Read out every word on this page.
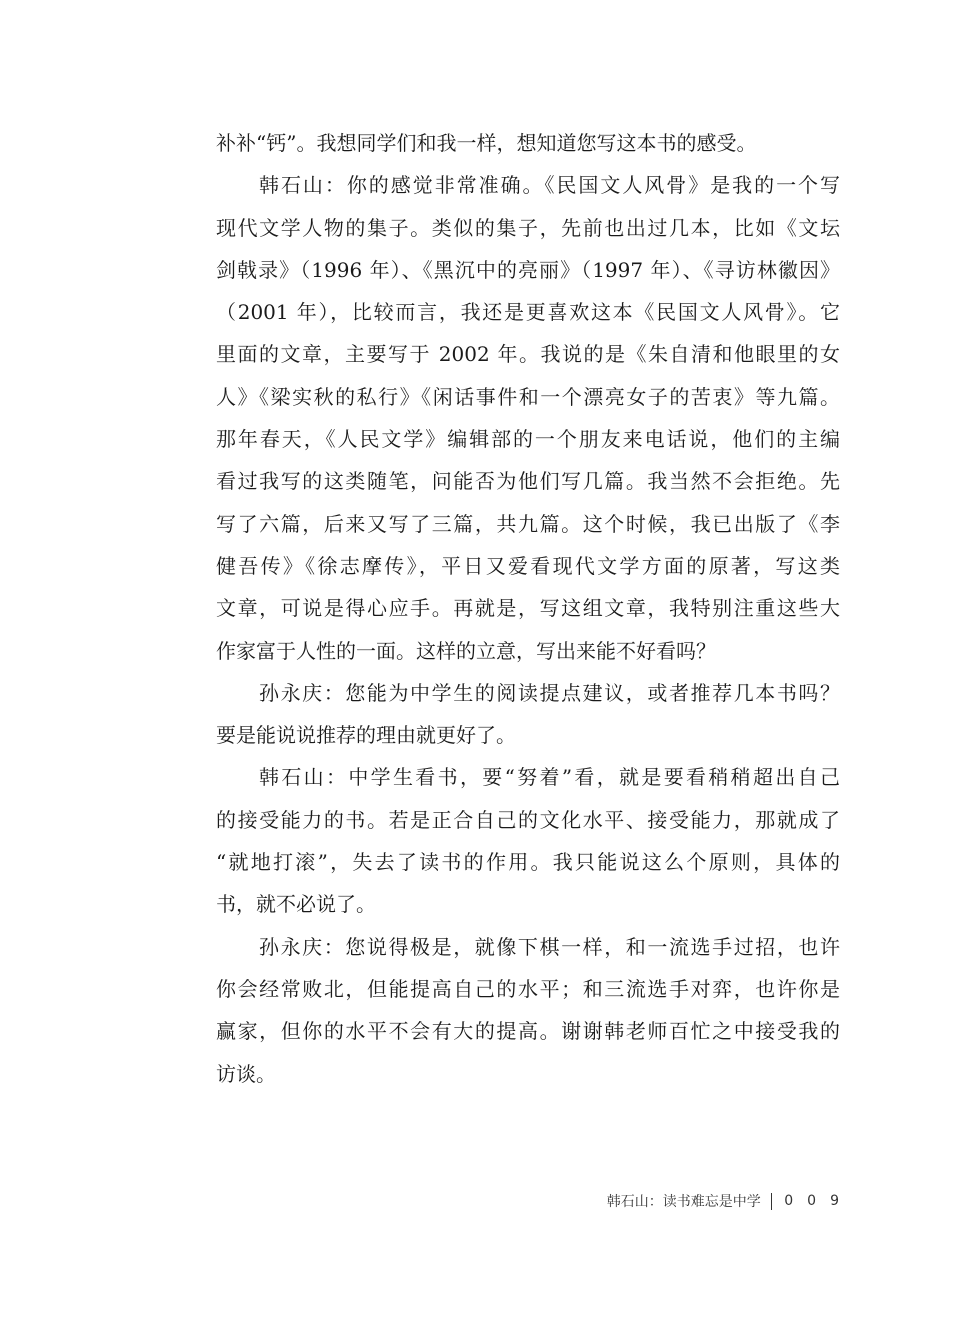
补补“钙”。我想同学们和我一样，想知道您写这本书的感受。
韩石山：你的感觉非常准确。《民国文人风骨》是我的一个写
现代文学人物的集子。类似的集子，先前也出过几本，比如《文坛
剑戟录》（1996 年）、《黑沉中的亮丽》（1997 年）、《寻访林徽因》
（2001 年），比较而言，我还是更喜欢这本《民国文人风骨》。它
里面的文章，主要写于 2002 年。我说的是《朱自清和他眼里的女
人》《梁实秋的私行》《闲话事件和一个漂亮女子的苦衷》等九篇。
那年春天，《人民文学》编辑部的一个朋友来电话说，他们的主编
看过我写的这类随笔，问能否为他们写几篇。我当然不会拒绝。先
写了六篇，后来又写了三篇，共九篇。这个时候，我已出版了《李
健吾传》《徐志摩传》，平日又爱看现代文学方面的原著，写这类
文章，可说是得心应手。再就是，写这组文章，我特别注重这些大
作家富于人性的一面。这样的立意，写出来能不好看吗？
孙永庆：您能为中学生的阅读提点建议，或者推荐几本书吗？
要是能说说推荐的理由就更好了。
韩石山：中学生看书，要“努着”看，就是要看稍稍超出自己
的接受能力的书。若是正合自己的文化水平、接受能力，那就成了
“就地打滚”，失去了读书的作用。我只能说这么个原则，具体的
书，就不必说了。
孙永庆：您说得极是，就像下棋一样，和一流选手过招，也许
你会经常败北，但能提高自己的水平；和三流选手对弈，也许你是
赢家，但你的水平不会有大的提高。谢谢韩老师百忙之中接受我的
访谈。
韩石山：读书难忘是中学 009
